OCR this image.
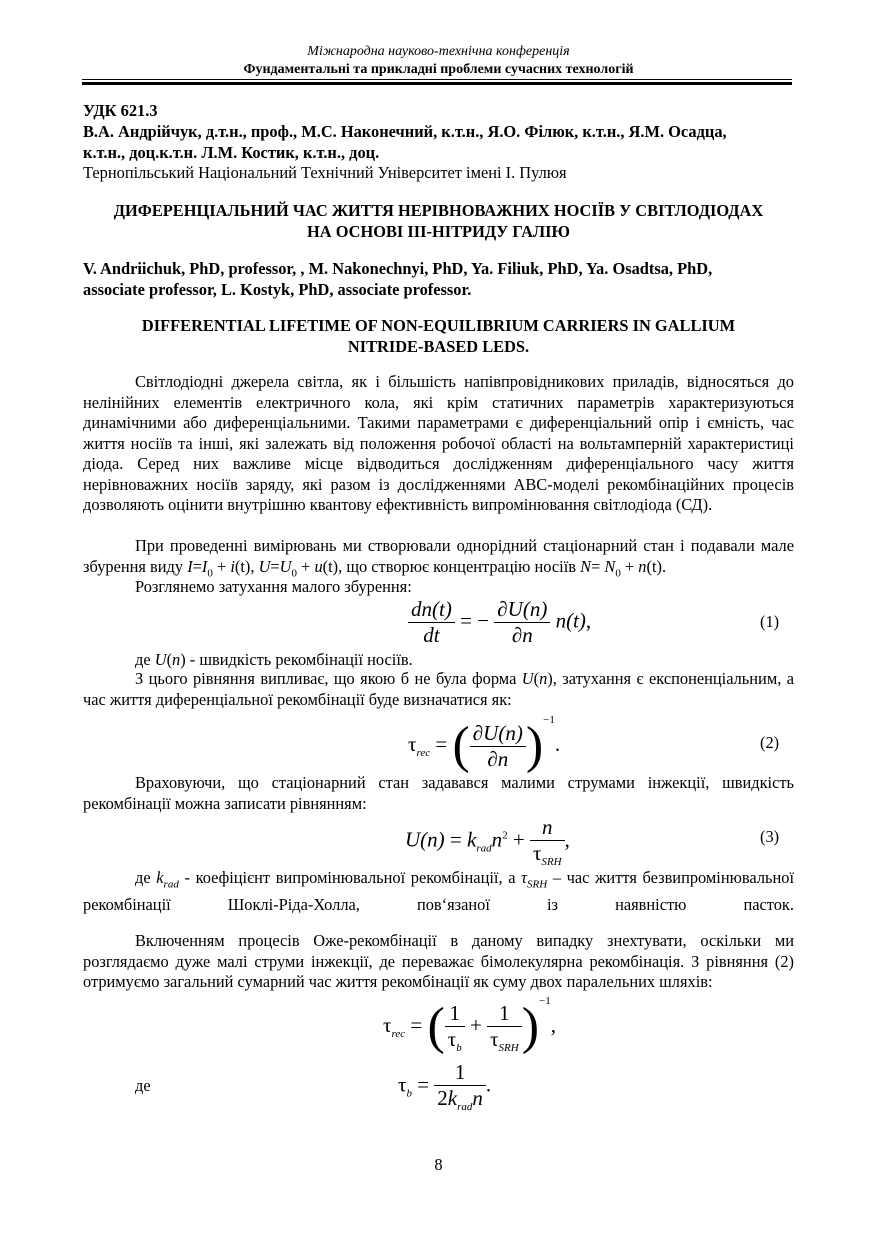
Міжнародна науково-технічна конференція
Фундаментальні та прикладні проблеми сучасних технологій
УДК 621.3
В.А. Андрійчук, д.т.н., проф., М.С. Наконечний, к.т.н., Я.О. Філюк, к.т.н., Я.М. Осадца,
к.т.н., доц.к.т.н. Л.М. Костик, к.т.н., доц.
Тернопільський Національний Технічний Університет імені І. Пулюя
ДИФЕРЕНЦІАЛЬНИЙ ЧАС ЖИТТЯ НЕРІВНОВАЖНИХ НОСІЇВ У СВІТЛОДІОДАХ
НА ОСНОВІ ІІІ-НІТРИДУ ГАЛІЮ
V. Andriichuk, PhD, professor, , M. Nakonechnyi, PhD, Ya. Filiuk, PhD, Ya. Osadtsa, PhD,
associate professor, L. Kostyk, PhD, associate professor.
DIFFERENTIAL LIFETIME OF NON-EQUILIBRIUM CARRIERS IN GALLIUM
NITRIDE-BASED LEDS.
Світлодіодні джерела світла, як і більшість напівпровідникових приладів, відносяться до нелінійних елементів електричного кола, які крім статичних параметрів характеризуються динамічними або диференціальними. Такими параметрами є диференціальний опір і ємність, час життя носіїв та інші, які залежать від положення робочої області на вольтамперній характеристиці діода. Серед них важливе місце відводиться дослідженням диференціального часу життя нерівноважних носіїв заряду, які разом із дослідженнями ABC-моделі рекомбінаційних процесів дозволяють оцінити внутрішню квантову ефективність випромінювання світлодіода (СД).
При проведенні вимірювань ми створювали однорідний стаціонарний стан і подавали мале збурення виду $I=I_0 + i(t)$, $U=U_0 + u(t)$, що створює концентрацію носіїв $N= N_0 + n(t)$.
Розглянемо затухання малого збурення:
$\frac{dn(t)}{dt}$ = − $\frac{\partial U(n)}{\partial n} n(t)$,	(1)
де U(n) - швидкість рекомбінації носіїв.
З цього рівняння випливає, що якою б не була форма U(n), затухання є експоненціальним, а час життя диференціальної рекомбінації буде визначатися як:
$\tau_{rec}$ = ( $\frac{\partial U(n)}{\partial n} )^{-1}$.	(2)
Враховуючи, що стаціонарний стан задавався малими струмами інжекції, швидкість рекомбінації можна записати рівнянням:
$U(n) = k_{rad}n^2 + \frac{n}{\tau_{SRH}}$ ,	(3)
де $k_{rad}$ - коефіцієнт випромінювальної рекомбінації, а $\tau_{SRH}$ – час життя безвипромінювальної рекомбінації Шоклі-Ріда-Холла, пов‘язаної із наявністю пасток.
Включенням процесів Оже-рекомбінації в даному випадку знехтувати, оскільки ми розглядаємо дуже малі струми інжекції, де переважає бімолекулярна рекомбінація. З рівняння (2) отримуємо загальний сумарний час життя рекомбінації як суму двох паралельних шляхів:
$\tau_{rec}$ = ( $\frac{1}{\tau_b} + \frac{1}{\tau_{SRH}} )^{-1}$,
де	$\tau_b = \frac{1}{2k_{rad}n}$ .
8
